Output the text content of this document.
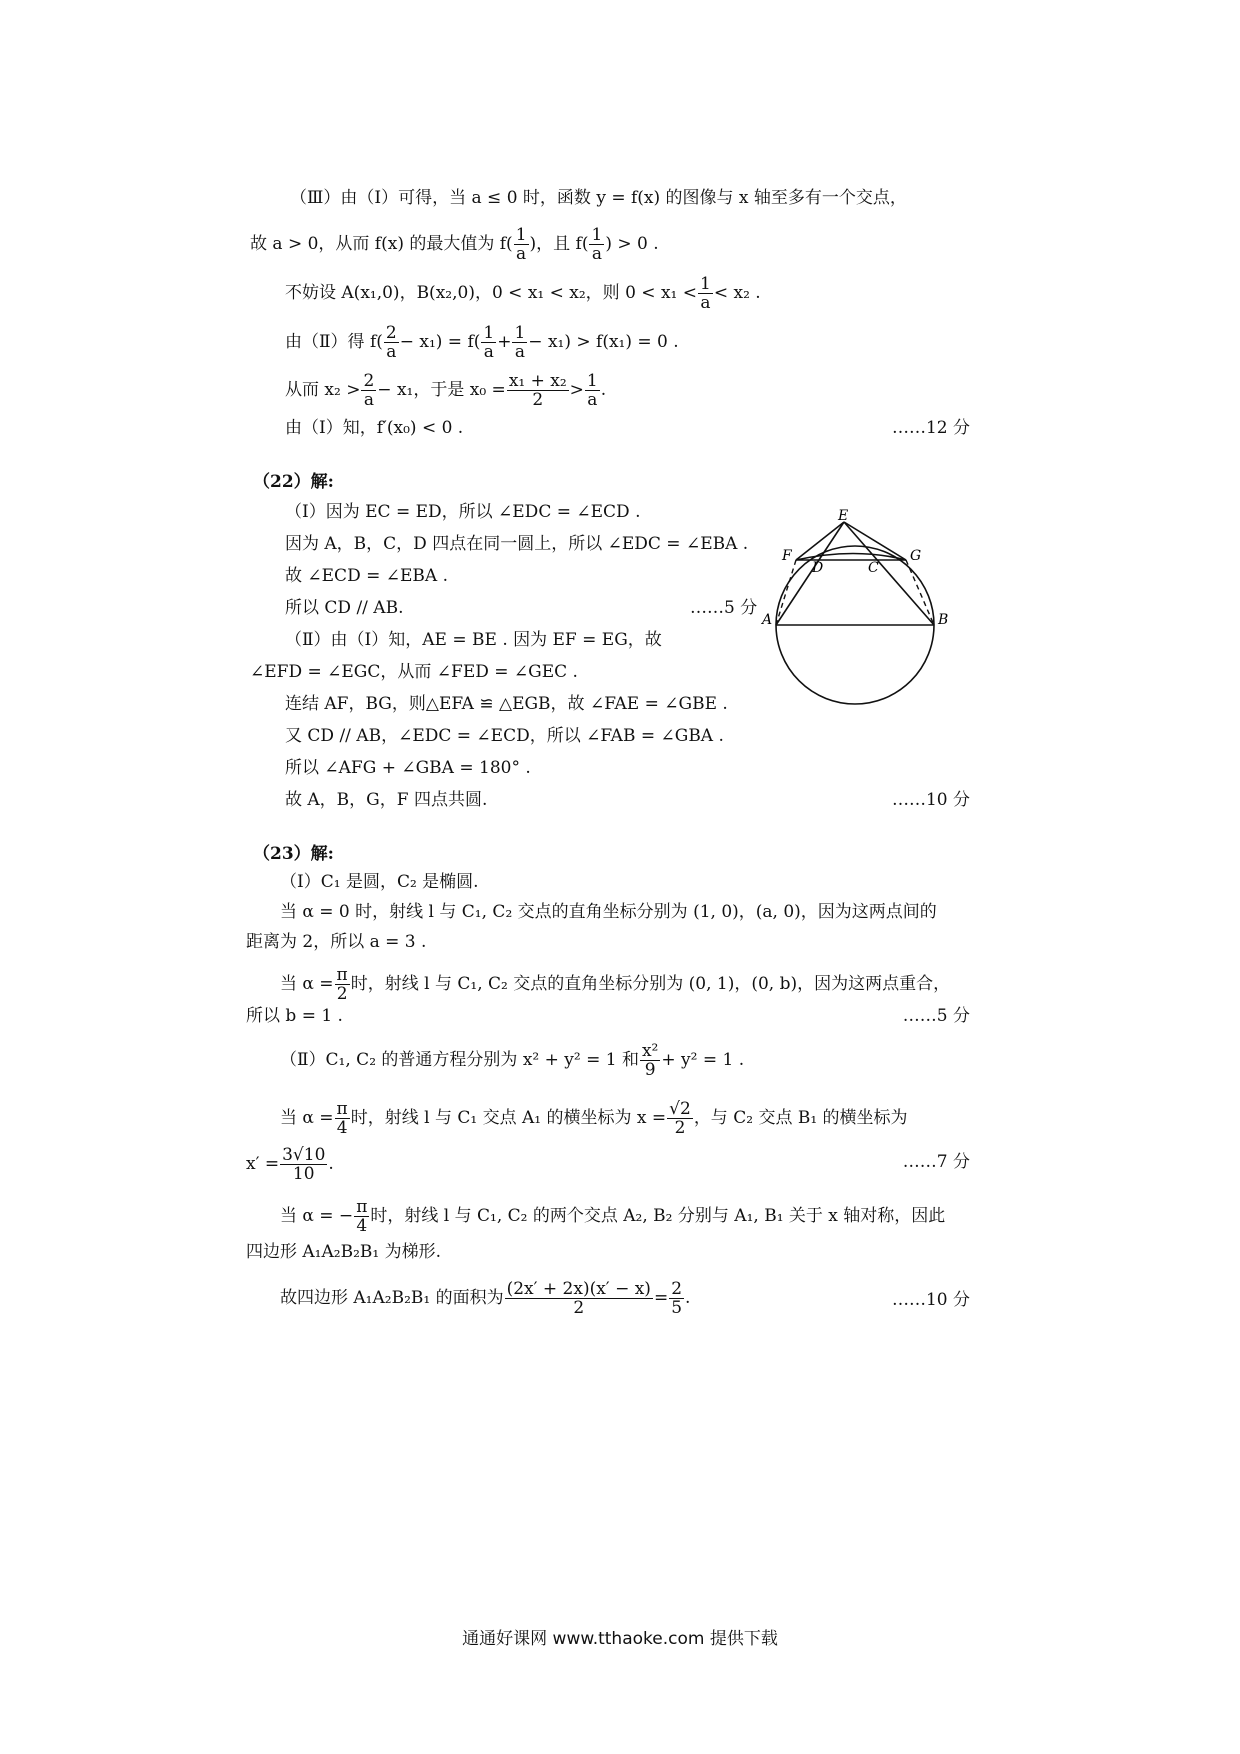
（Ⅲ）由（Ⅰ）可得，当 a ≤ 0 时，函数 y = f(x) 的图像与 x 轴至多有一个交点，
故 a > 0，从而 f(x) 的最大值为 $f( \frac{1}{a}$ )，且 $f( \frac{1}{a}$ ) > 0 .
不妨设 A(x₁,0)，B(x₂,0)，0 < x₁ < x₂，则 $0 < x_1 < \frac{1}{a} < x_2$ .
由（Ⅱ）得 $f( \frac{2}{a} - x_1) = f( \frac{1}{a} + \frac{1}{a} - x_1) > f(x_1) = 0$ .
从而 $x_2 > \frac{2}{a} - x_1$，于是 $x_0 = \frac{\text{x₁ + x₂}}{2} > \frac{1}{a}$ .
由（Ⅰ）知，f′(x₀) < 0 .	……12 分
（22）解:
（Ⅰ）因为 EC = ED，所以 ∠EDC = ∠ECD .
因为 A，B，C，D 四点在同一圆上，所以 ∠EDC = ∠EBA .
故 ∠ECD = ∠EBA .
所以 CD // AB.	……5 分
（Ⅱ）由（Ⅰ）知，AE = BE . 因为 EF = EG，故
∠EFD = ∠EGC，从而 ∠FED = ∠GEC .
连结 AF，BG，则△EFA ≌ △EGB，故 ∠FAE = ∠GBE .
又 CD // AB，∠EDC = ∠ECD，所以 ∠FAB = ∠GBA .
所以 ∠AFG + ∠GBA = 180° .
故 A，B，G，F 四点共圆.	……10 分
E
F	G
D	C
A	B
（23）解:
（Ⅰ）C₁ 是圆，C₂ 是椭圆.
当 α = 0 时，射线 l 与 C₁, C₂ 交点的直角坐标分别为 (1, 0)，(a, 0)，因为这两点间的
距离为 2，所以 a = 3 .
当 $\alpha = \frac{\pi}{2}$ 时，射线 l 与 C₁, C₂ 交点的直角坐标分别为 (0, 1)，(0, b)，因为这两点重合，
所以 b = 1 .	……5 分
（Ⅱ）C₁, C₂ 的普通方程分别为 x² + y² = 1 和 $\frac{\text{x²}}{9} + y^2 = 1$ .
当 $\alpha = \frac{\pi}{4}$ 时，射线 l 与 C₁ 交点 A₁ 的横坐标为 $x = \frac{√2}{2}$ ，与 C₂ 交点 B₁ 的横坐标为
$x' = \frac{3√10}{10}$ .	……7 分
当 α = − $\frac{\pi}{4}$ 时，射线 l 与 C₁, C₂ 的两个交点 A₂, B₂ 分别与 A₁, B₁ 关于 x 轴对称，因此
四边形 A₁A₂B₂B₁ 为梯形.
故四边形 A₁A₂B₂B₁ 的面积为 $\frac{(2x' + 2x)(x' - x)}{2} = \frac{2}{5}$ .	……10 分
通通好课网 www.tthaoke.com 提供下载
